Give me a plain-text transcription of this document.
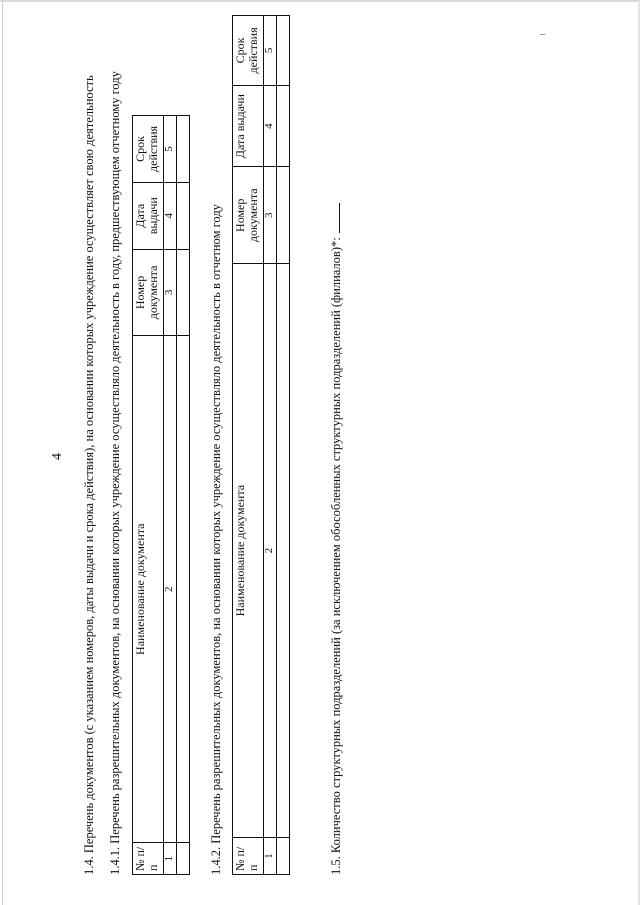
4 1.4. Перечень документов (с указанием номеров, даты выдачи и срока действия), на основании которых учреждение осуществляет свою деятельность 1.4.1. Перечень разрешительных документов, на основании которых учреждение осуществляло деятельность в году, предшествующем отчетному году № п/п	Наименование документа	Номер документа	Дата выдачи	Срок действия
1	2	3	4	5

1.4.2. Перечень разрешительных документов, на основании которых учреждение осуществляло деятельность в отчетном году № п/п	Наименование документа	Номер документа	Дата выдачи	Срок действия
1	2	3	4	5

1.5. Количество структурных подразделений (за исключением обособленных структурных подразделений (филиалов)*:
